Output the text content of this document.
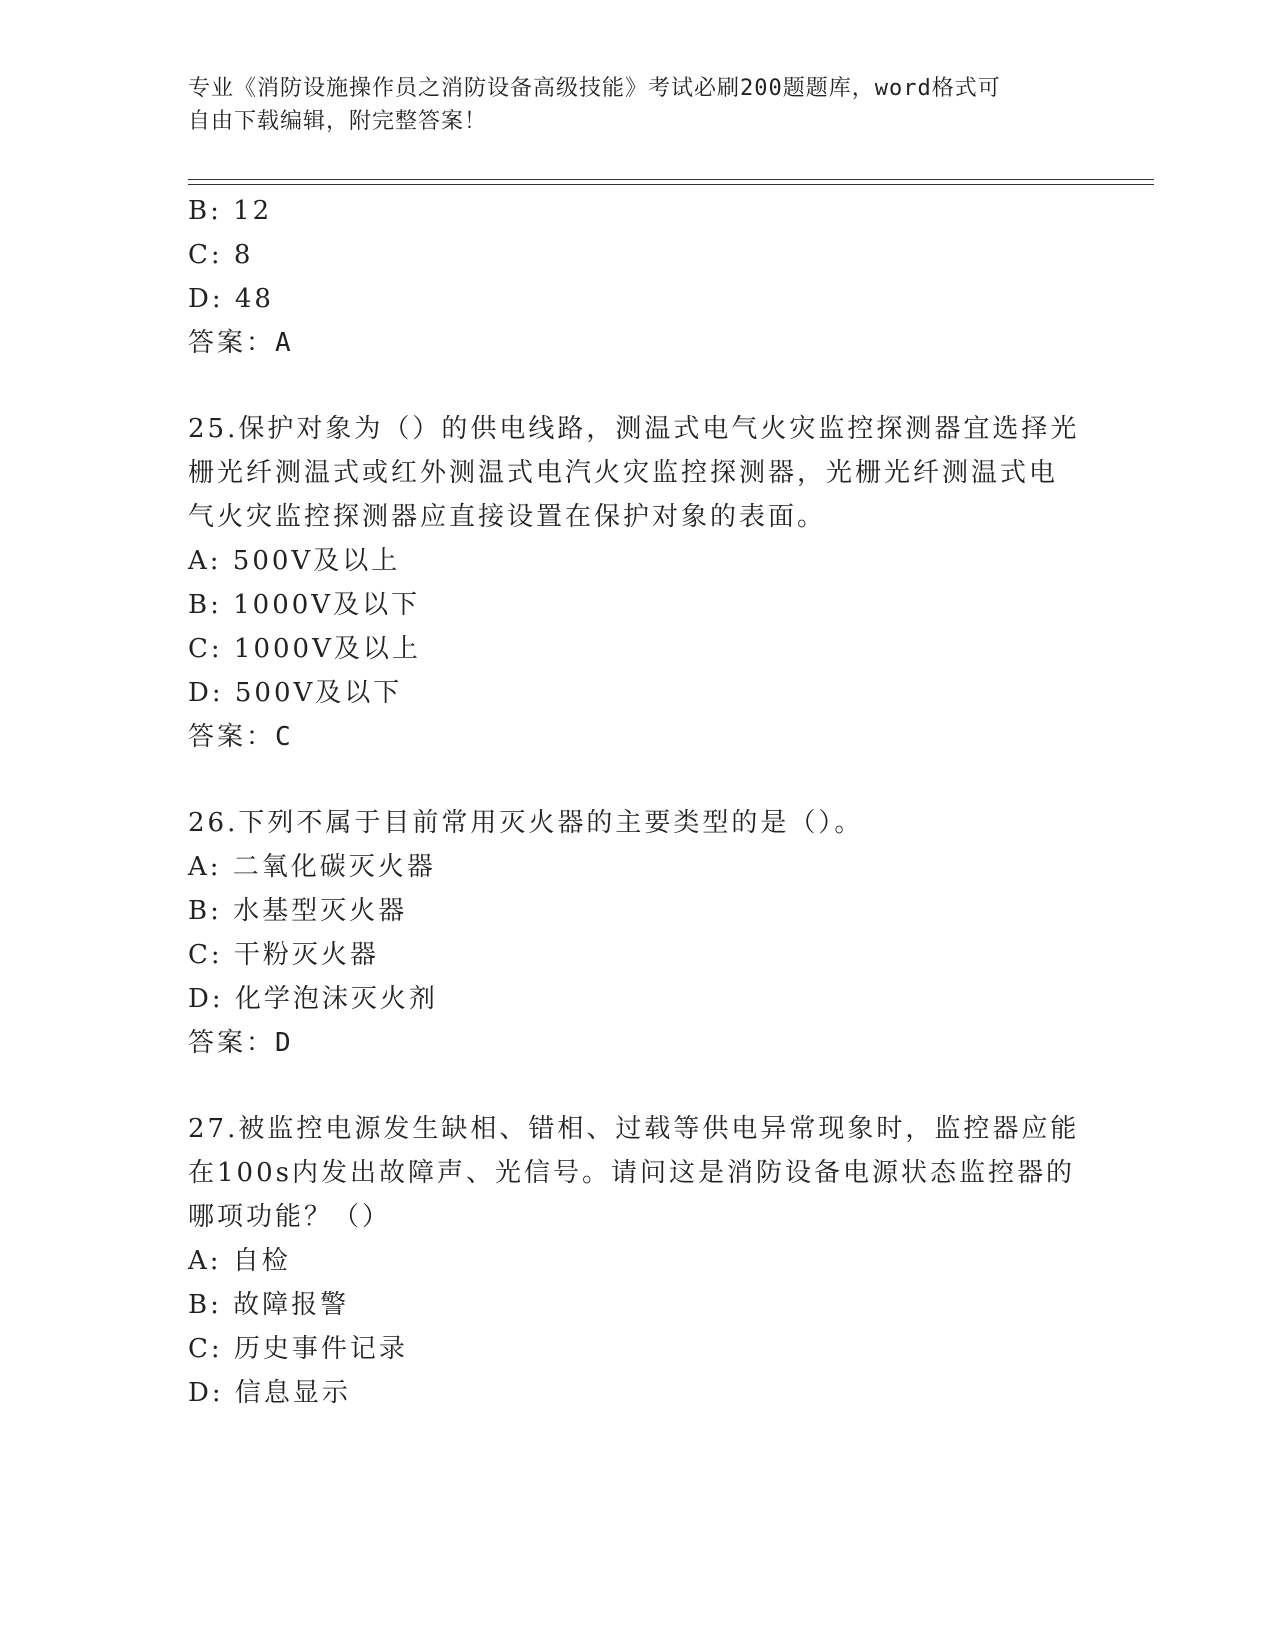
专业《消防设施操作员之消防设备高级技能》考试必刷200题题库，word格式可
自由下载编辑，附完整答案！
B: 12
C: 8
D: 48
答案：A
25.保护对象为（）的供电线路，测温式电气火灾监控探测器宜选择光
栅光纤测温式或红外测温式电汽火灾监控探测器，光栅光纤测温式电
气火灾监控探测器应直接设置在保护对象的表面。
A: 500V及以上
B: 1000V及以下
C: 1000V及以上
D: 500V及以下
答案：C
26.下列不属于目前常用灭火器的主要类型的是（）。
A: 二氧化碳灭火器
B: 水基型灭火器
C: 干粉灭火器
D: 化学泡沫灭火剂
答案：D
27.被监控电源发生缺相、错相、过载等供电异常现象时，监控器应能
在100s内发出故障声、光信号。请问这是消防设备电源状态监控器的
哪项功能？（）
A: 自检
B: 故障报警
C: 历史事件记录
D: 信息显示
